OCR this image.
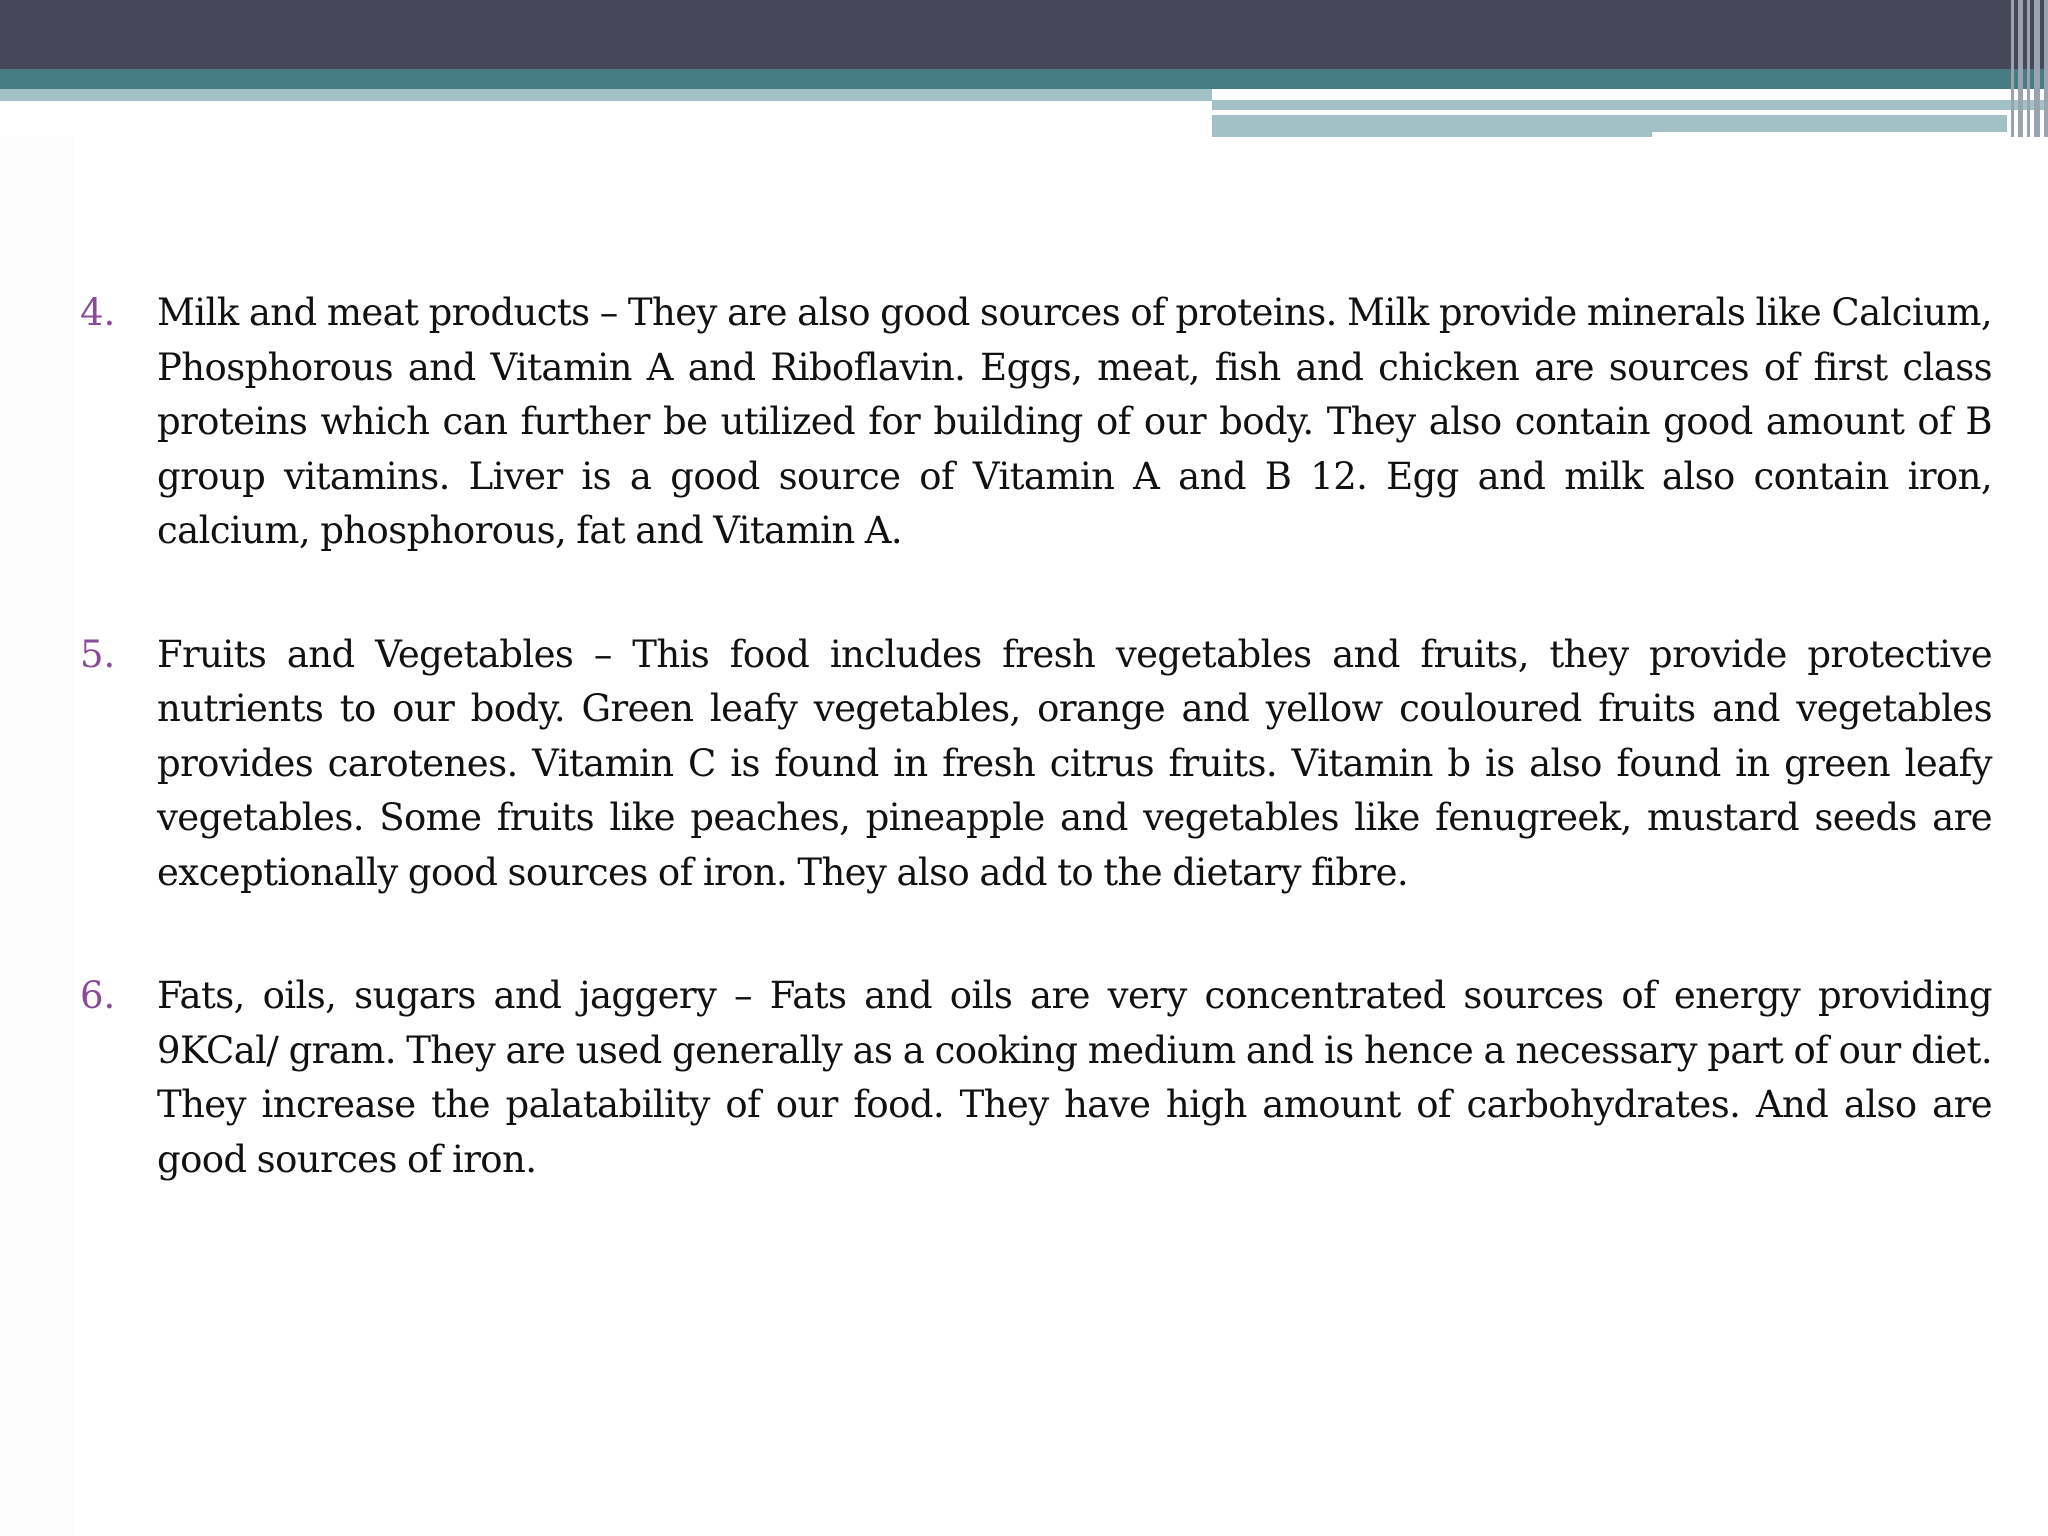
4. Milk and meat products – They are also good sources of proteins. Milk provide minerals like Calcium, Phosphorous and Vitamin A and Riboflavin. Eggs, meat, fish and chicken are sources of first class proteins which can further be utilized for building of our body. They also contain good amount of B group vitamins. Liver is a good source of Vitamin A and B 12. Egg and milk also contain iron, calcium, phosphorous, fat and Vitamin A.
5. Fruits and Vegetables – This food includes fresh vegetables and fruits, they provide protective nutrients to our body. Green leafy vegetables, orange and yellow couloured fruits and vegetables provides carotenes. Vitamin C is found in fresh citrus fruits. Vitamin b is also found in green leafy vegetables. Some fruits like peaches, pineapple and vegetables like fenugreek, mustard seeds are exceptionally good sources of iron. They also add to the dietary fibre.
6. Fats, oils, sugars and jaggery – Fats and oils are very concentrated sources of energy providing 9KCal/ gram. They are used generally as a cooking medium and is hence a necessary part of our diet. They increase the palatability of our food. They have high amount of carbohydrates. And also are good sources of iron.
